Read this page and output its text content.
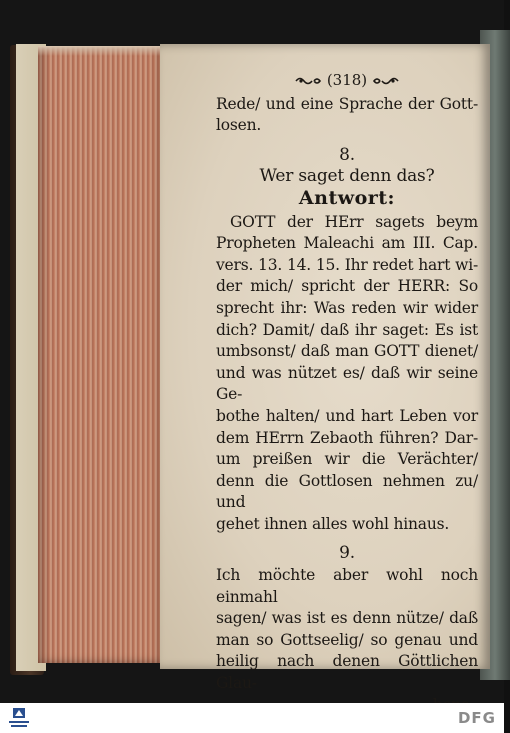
(318)
Rede/ und eine Sprache der Gott-
losen.
8.
Wer saget denn das?
Antwort:
GOTT der HErr sagets beym
Propheten Maleachi am III. Cap.
vers. 13. 14. 15. Ihr redet hart wi-
der mich/ spricht der HERR: So
sprecht ihr: Was reden wir wider
dich? Damit/ daß ihr saget: Es ist
umbsonst/ daß man GOTT dienet/
und was nützet es/ daß wir seine Ge-
bothe halten/ und hart Leben vor
dem HErrn Zebaoth führen? Dar-
um preißen wir die Verächter/
denn die Gottlosen nehmen zu/ und
gehet ihnen alles wohl hinaus.
9.
Ich möchte aber wohl noch einmahl
sagen/ was ist es denn nütze/ daß
man so Gottseelig/ so genau und
heilig nach denen Göttlichen Glau-
DFG
